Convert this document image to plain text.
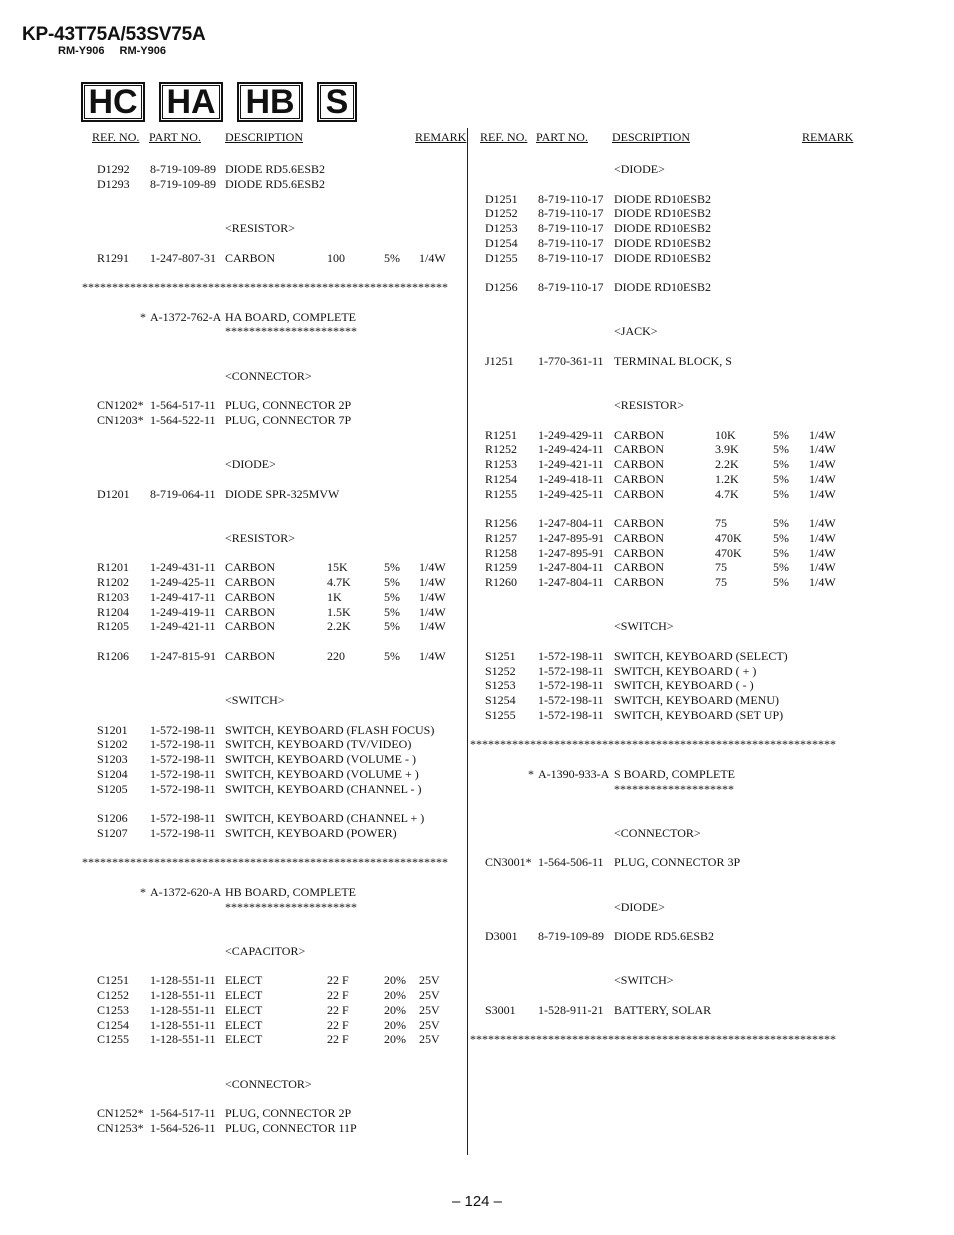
KP-43T75A/53SV75A
RM-Y906 RM-Y906
HC HA HB S
REF. NO. PART NO. DESCRIPTION	REMARK REF. NO. PART NO. DESCRIPTION	REMARK
D1292 8-719-109-89 DIODE RD5.6ESB2
D1293 8-719-109-89 DIODE RD5.6ESB2
<RESISTOR>
R1291 1-247-807-31 CARBON	100	5% 1/4W
*************************************************************
* A-1372-762-A HA BOARD, COMPLETE
**********************
<CONNECTOR>
CN1202* 1-564-517-11 PLUG, CONNECTOR 2P
CN1203* 1-564-522-11 PLUG, CONNECTOR 7P
<DIODE>
D1201 8-719-064-11 DIODE SPR-325MVW
<RESISTOR>
R1201 1-249-431-11 CARBON	15K	5% 1/4W
R1202 1-249-425-11 CARBON	4.7K	5% 1/4W
R1203 1-249-417-11 CARBON	1K	5% 1/4W
R1204 1-249-419-11 CARBON	1.5K	5% 1/4W
R1205 1-249-421-11 CARBON	2.2K	5% 1/4W
R1206 1-247-815-91 CARBON	220	5% 1/4W
<SWITCH>
S1201 1-572-198-11 SWITCH, KEYBOARD (FLASH FOCUS)
S1202 1-572-198-11 SWITCH, KEYBOARD (TV/VIDEO)
S1203 1-572-198-11 SWITCH, KEYBOARD (VOLUME - )
S1204 1-572-198-11 SWITCH, KEYBOARD (VOLUME + )
S1205 1-572-198-11 SWITCH, KEYBOARD (CHANNEL - )
S1206 1-572-198-11 SWITCH, KEYBOARD (CHANNEL + )
S1207 1-572-198-11 SWITCH, KEYBOARD (POWER)
*************************************************************
* A-1372-620-A HB BOARD, COMPLETE
**********************
<CAPACITOR>
C1251 1-128-551-11 ELECT	22 F	20% 25V
C1252 1-128-551-11 ELECT	22 F	20% 25V
C1253 1-128-551-11 ELECT	22 F	20% 25V
C1254 1-128-551-11 ELECT	22 F	20% 25V
C1255 1-128-551-11 ELECT	22 F	20% 25V
<CONNECTOR>
CN1252* 1-564-517-11 PLUG, CONNECTOR 2P
CN1253* 1-564-526-11 PLUG, CONNECTOR 11P
<DIODE>
D1251 8-719-110-17 DIODE RD10ESB2
D1252 8-719-110-17 DIODE RD10ESB2
D1253 8-719-110-17 DIODE RD10ESB2
D1254 8-719-110-17 DIODE RD10ESB2
D1255 8-719-110-17 DIODE RD10ESB2
D1256 8-719-110-17 DIODE RD10ESB2
<JACK>
J1251 1-770-361-11 TERMINAL BLOCK, S
<RESISTOR>
R1251 1-249-429-11 CARBON	10K	5% 1/4W
R1252 1-249-424-11 CARBON	3.9K	5% 1/4W
R1253 1-249-421-11 CARBON	2.2K	5% 1/4W
R1254 1-249-418-11 CARBON	1.2K	5% 1/4W
R1255 1-249-425-11 CARBON	4.7K	5% 1/4W
R1256 1-247-804-11 CARBON	75	5% 1/4W
R1257 1-247-895-91 CARBON	470K	5% 1/4W
R1258 1-247-895-91 CARBON	470K	5% 1/4W
R1259 1-247-804-11 CARBON	75	5% 1/4W
R1260 1-247-804-11 CARBON	75	5% 1/4W
<SWITCH>
S1251 1-572-198-11 SWITCH, KEYBOARD (SELECT)
S1252 1-572-198-11 SWITCH, KEYBOARD ( + )
S1253 1-572-198-11 SWITCH, KEYBOARD ( - )
S1254 1-572-198-11 SWITCH, KEYBOARD (MENU)
S1255 1-572-198-11 SWITCH, KEYBOARD (SET UP)
*************************************************************
* A-1390-933-A S BOARD, COMPLETE
********************
<CONNECTOR>
CN3001* 1-564-506-11 PLUG, CONNECTOR 3P
<DIODE>
D3001 8-719-109-89 DIODE RD5.6ESB2
<SWITCH>
S3001 1-528-911-21 BATTERY, SOLAR
*************************************************************
– 124 –
